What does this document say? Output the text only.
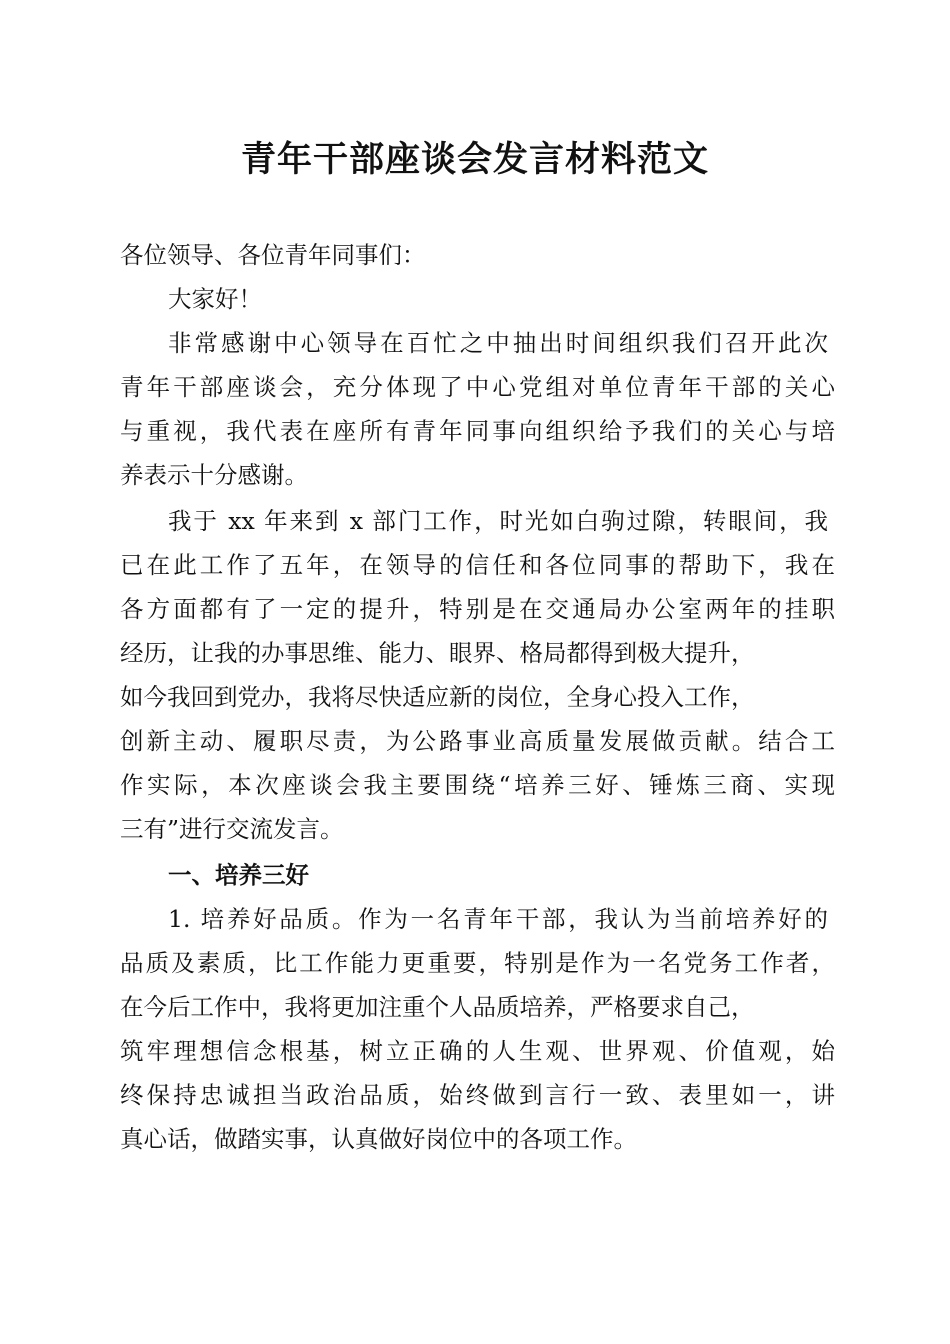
青年干部座谈会发言材料范文
各位领导、各位青年同事们：
大家好！
非常感谢中心领导在百忙之中抽出时间组织我们召开此次
青年干部座谈会，充分体现了中心党组对单位青年干部的关心
与重视，我代表在座所有青年同事向组织给予我们的关心与培
养表示十分感谢。
我于 xx 年来到 x 部门工作，时光如白驹过隙，转眼间，我
已在此工作了五年，在领导的信任和各位同事的帮助下，我在
各方面都有了一定的提升，特别是在交通局办公室两年的挂职
经历，让我的办事思维、能力、眼界、格局都得到极大提升，
如今我回到党办，我将尽快适应新的岗位，全身心投入工作，
创新主动、履职尽责，为公路事业高质量发展做贡献。结合工
作实际，本次座谈会我主要围绕“培养三好、锤炼三商、实现
三有”进行交流发言。
一、培养三好
1. 培养好品质。作为一名青年干部，我认为当前培养好的
品质及素质，比工作能力更重要，特别是作为一名党务工作者，
在今后工作中，我将更加注重个人品质培养，严格要求自己，
筑牢理想信念根基，树立正确的人生观、世界观、价值观，始
终保持忠诚担当政治品质，始终做到言行一致、表里如一，讲
真心话，做踏实事，认真做好岗位中的各项工作。
